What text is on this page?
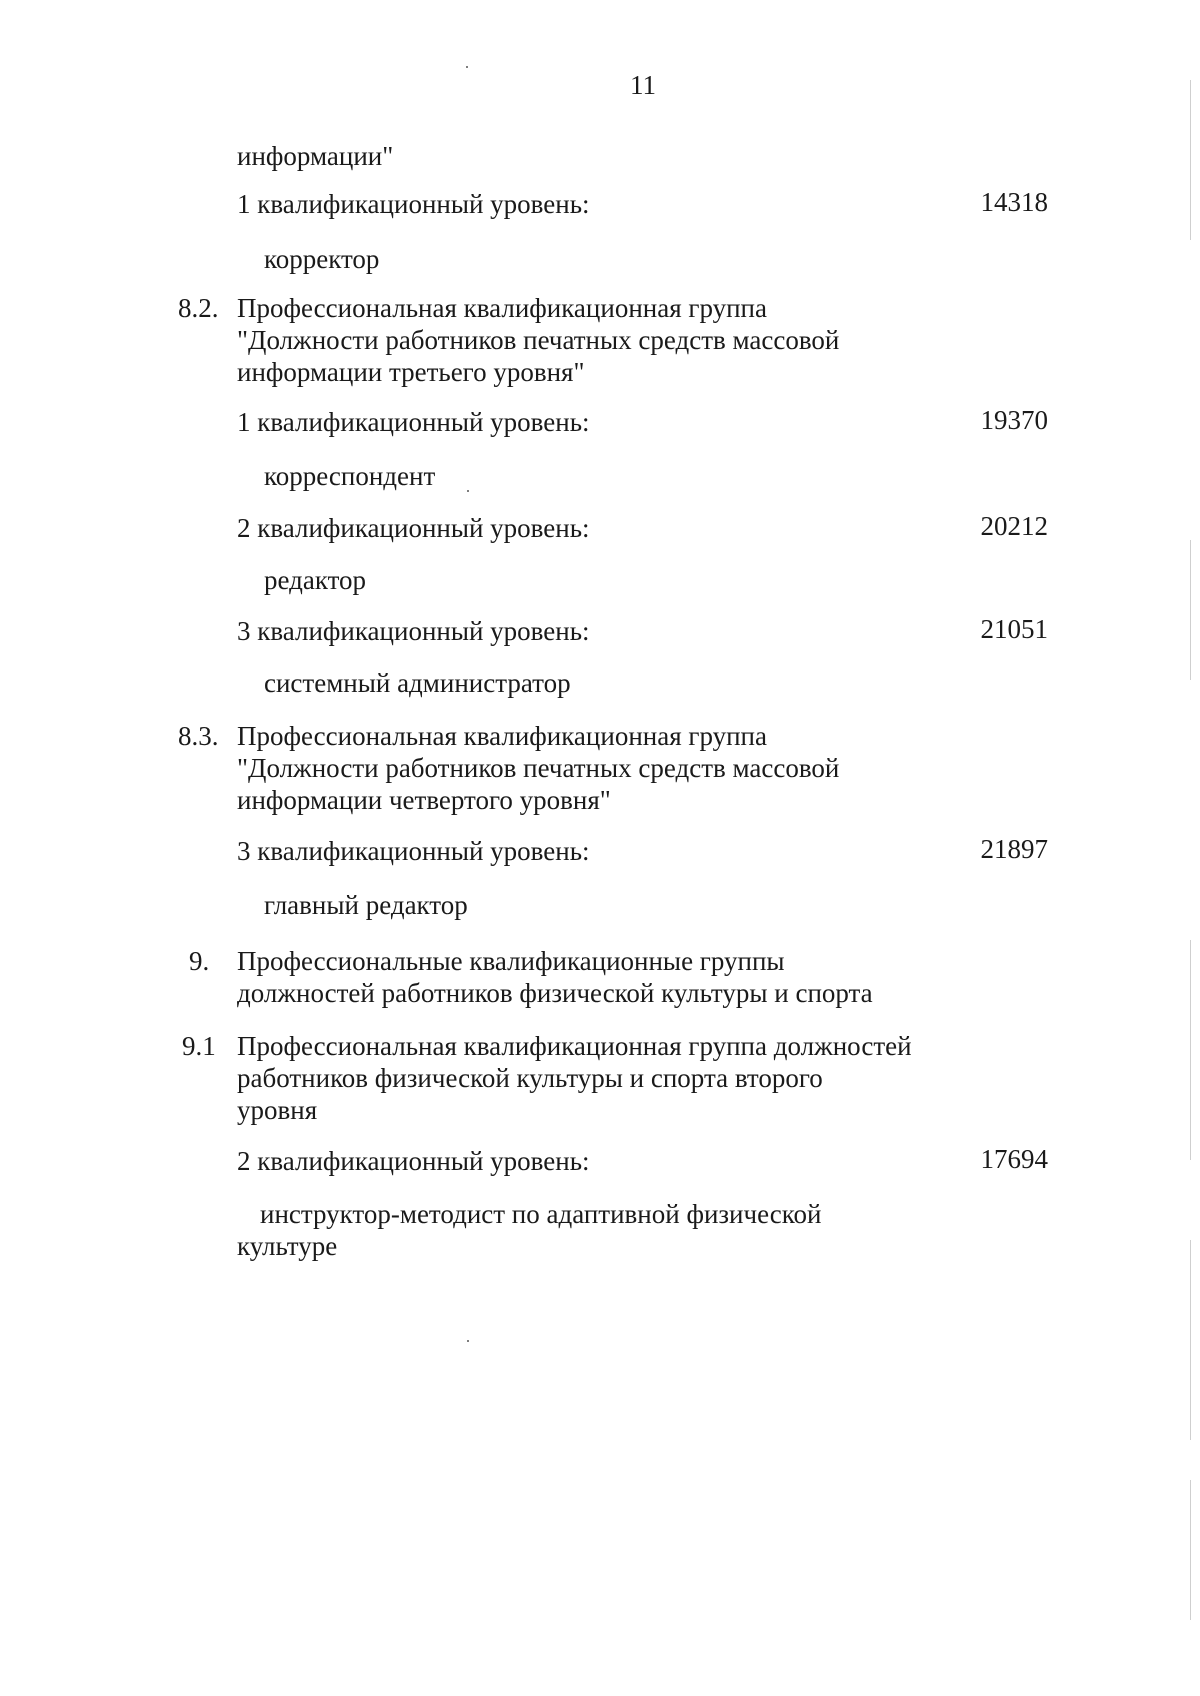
11
информации"
1 квалификационный уровень:	14318
корректор
8.2. Профессиональная квалификационная группа
"Должности работников печатных средств массовой
информации третьего уровня"
1 квалификационный уровень:	19370
корреспондент
2 квалификационный уровень:	20212
редактор
3 квалификационный уровень:	21051
системный администратор
8.3. Профессиональная квалификационная группа
"Должности работников печатных средств массовой
информации четвертого уровня"
3 квалификационный уровень:	21897
главный редактор
9. Профессиональные квалификационные группы
должностей работников физической культуры и спорта
9.1 Профессиональная квалификационная группа должностей
работников физической культуры и спорта второго
уровня
2 квалификационный уровень:	17694
инструктор-методист по адаптивной физической
культуре
